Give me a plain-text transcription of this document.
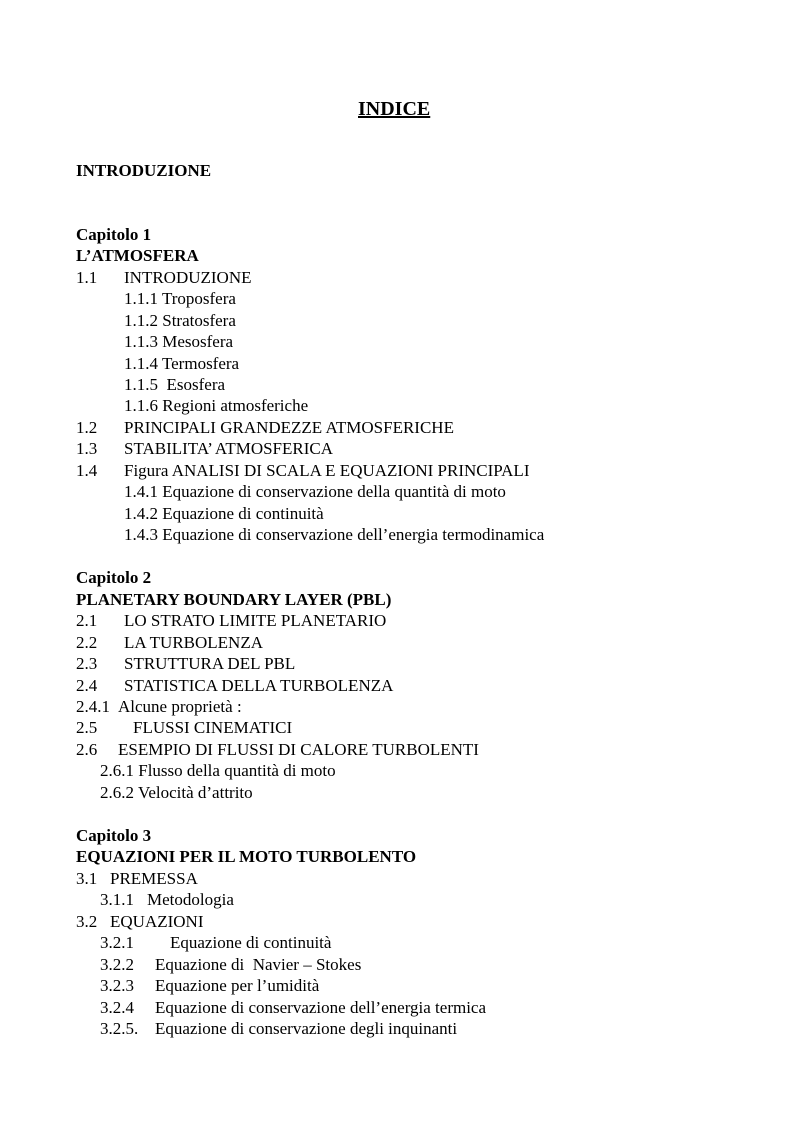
INDICE
INTRODUZIONE
Capitolo 1
L’ATMOSFERA
1.1 INTRODUZIONE
1.1.1 Troposfera
1.1.2 Stratosfera
1.1.3 Mesosfera
1.1.4 Termosfera
1.1.5  Esosfera
1.1.6 Regioni atmosferiche
1.2 PRINCIPALI GRANDEZZE ATMOSFERICHE
1.3 STABILITA’ ATMOSFERICA
1.4 Figura ANALISI DI SCALA E EQUAZIONI PRINCIPALI
1.4.1 Equazione di conservazione della quantità di moto
1.4.2 Equazione di continuità
1.4.3 Equazione di conservazione dell’energia termodinamica
Capitolo 2
PLANETARY BOUNDARY LAYER (PBL)
2.1 LO STRATO LIMITE PLANETARIO
2.2 LA TURBOLENZA
2.3 STRUTTURA DEL PBL
2.4 STATISTICA DELLA TURBOLENZA
2.4.1 Alcune proprietà :
2.5 FLUSSI CINEMATICI
2.6 ESEMPIO DI FLUSSI DI CALORE TURBOLENTI
2.6.1 Flusso della quantità di moto
2.6.2 Velocità d’attrito
Capitolo 3
EQUAZIONI PER IL MOTO TURBOLENTO
3.1 PREMESSA
3.1.1 Metodologia
3.2 EQUAZIONI
3.2.1 Equazione di continuità
3.2.2 Equazione di  Navier – Stokes
3.2.3 Equazione per l’umidità
3.2.4 Equazione di conservazione dell’energia termica
3.2.5. Equazione di conservazione degli inquinanti
